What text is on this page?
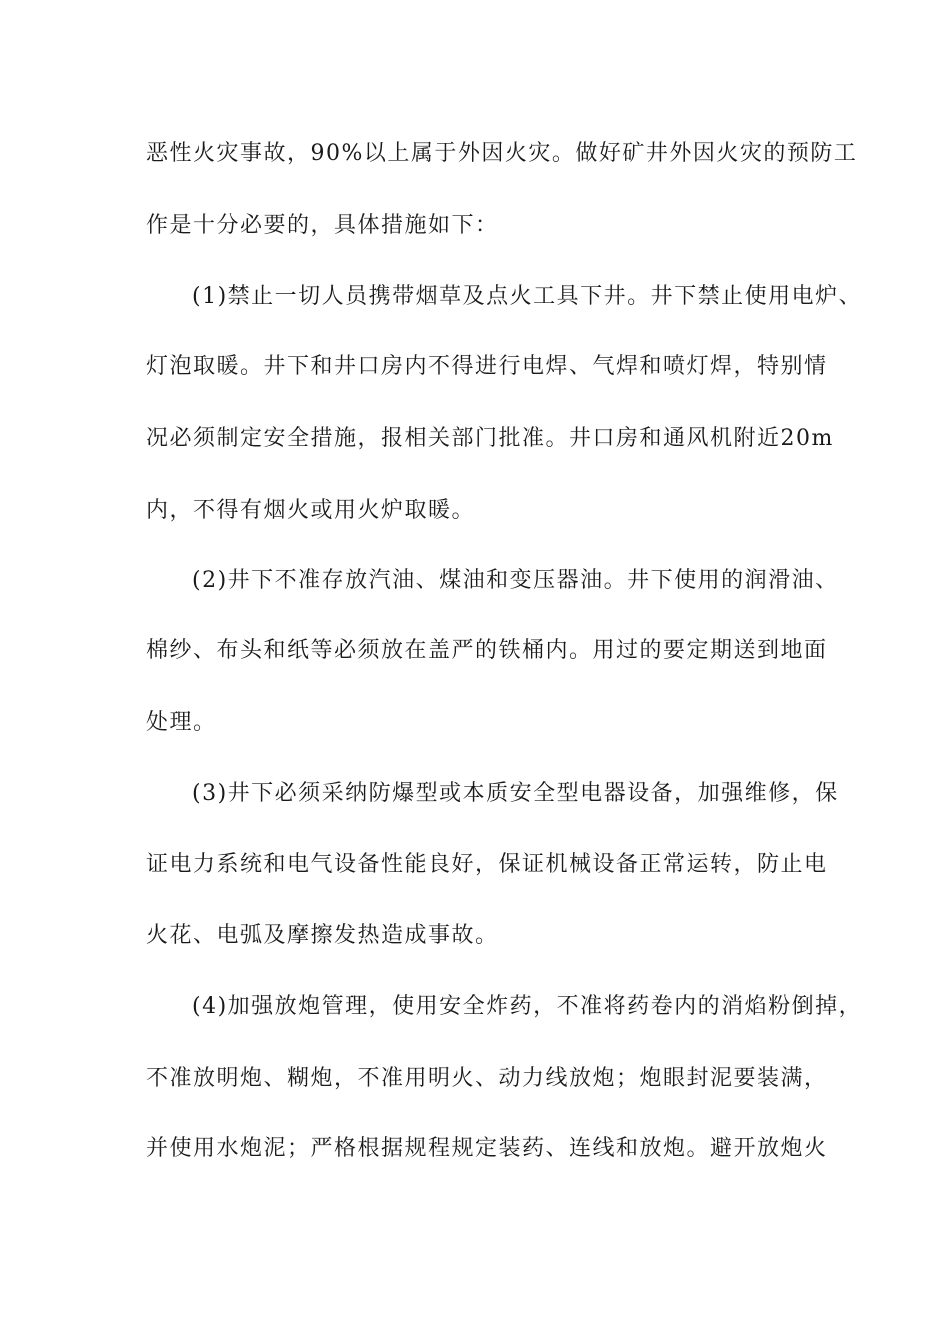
恶性火灾事故，90%以上属于外因火灾。做好矿井外因火灾的预防工
作是十分必要的，具体措施如下：
(1)禁止一切人员携带烟草及点火工具下井。井下禁止使用电炉、
灯泡取暖。井下和井口房内不得进行电焊、气焊和喷灯焊，特别情
况必须制定安全措施，报相关部门批准。井口房和通风机附近20m
内，不得有烟火或用火炉取暖。
(2)井下不准存放汽油、煤油和变压器油。井下使用的润滑油、
棉纱、布头和纸等必须放在盖严的铁桶内。用过的要定期送到地面
处理。
(3)井下必须采纳防爆型或本质安全型电器设备，加强维修，保
证电力系统和电气设备性能良好，保证机械设备正常运转，防止电
火花、电弧及摩擦发热造成事故。
(4)加强放炮管理，使用安全炸药，不准将药卷内的消焰粉倒掉，
不准放明炮、糊炮，不准用明火、动力线放炮；炮眼封泥要装满，
并使用水炮泥；严格根据规程规定装药、连线和放炮。避开放炮火
